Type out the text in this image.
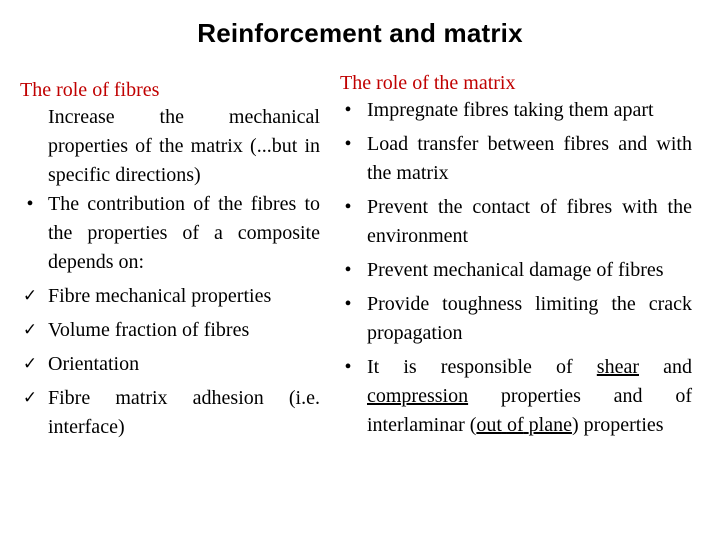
Reinforcement and matrix

The role of fibres

Increase the mechanical properties of the matrix (...but in specific directions)

• The contribution of the fibres to the properties of a composite depends on:

✓ Fibre mechanical properties

✓ Volume fraction of fibres

✓ Orientation

✓ Fibre matrix adhesion (i.e. interface)

The role of the matrix

• Impregnate fibres taking them apart

• Load transfer between fibres and with the matrix

• Prevent the contact of fibres with the environment

• Prevent mechanical damage of fibres

• Provide toughness limiting the crack propagation

• It is responsible of shear and compression properties and of interlaminar (out of plane) properties
